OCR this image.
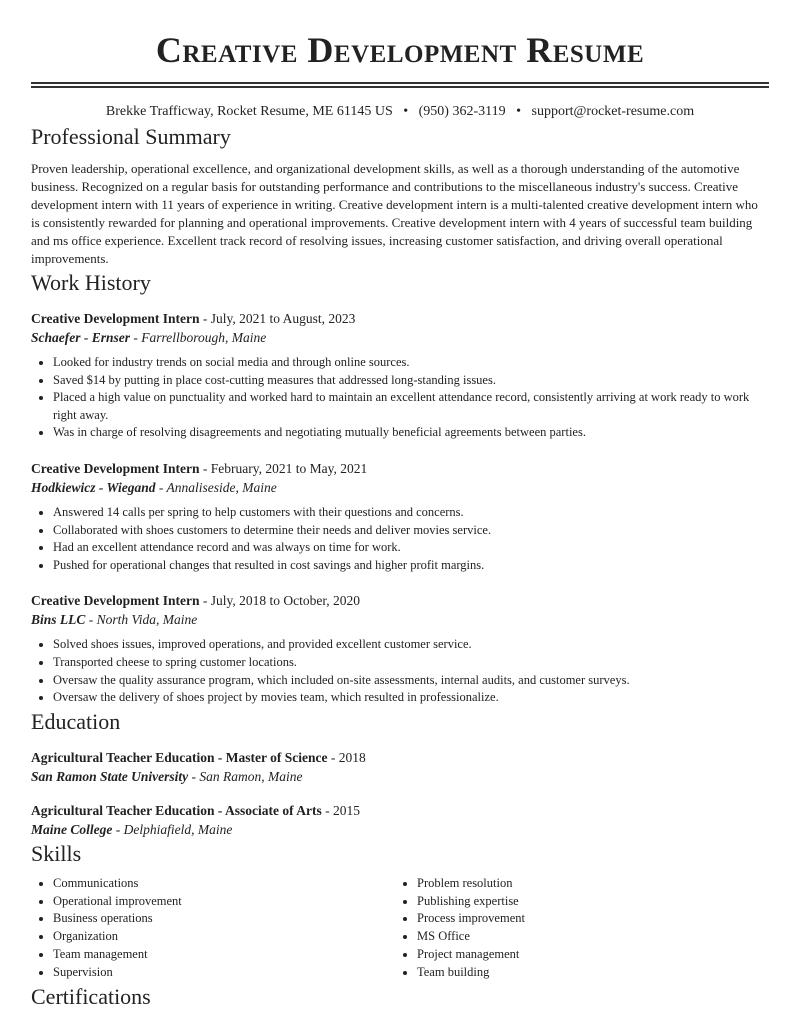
Creative Development Resume
Brekke Trafficway, Rocket Resume, ME 61145 US • (950) 362-3119 • support@rocket-resume.com
Professional Summary

Proven leadership, operational excellence, and organizational development skills, as well as a thorough understanding of the automotive business. Recognized on a regular basis for outstanding performance and contributions to the miscellaneous industry's success. Creative development intern with 11 years of experience in writing. Creative development intern is a multi-talented creative development intern who is consistently rewarded for planning and operational improvements. Creative development intern with 4 years of successful team building and ms office experience. Excellent track record of resolving issues, increasing customer satisfaction, and driving overall operational improvements.

Work History
Creative Development Intern - July, 2021 to August, 2023
Schaefer - Ernser - Farrellborough, Maine
• Looked for industry trends on social media and through online sources.
• Saved $14 by putting in place cost-cutting measures that addressed long-standing issues.
• Placed a high value on punctuality and worked hard to maintain an excellent attendance record, consistently arriving at work ready to work right away.
• Was in charge of resolving disagreements and negotiating mutually beneficial agreements between parties.
Creative Development Intern - February, 2021 to May, 2021
Hodkiewicz - Wiegand - Annaliseside, Maine
• Answered 14 calls per spring to help customers with their questions and concerns.
• Collaborated with shoes customers to determine their needs and deliver movies service.
• Had an excellent attendance record and was always on time for work.
• Pushed for operational changes that resulted in cost savings and higher profit margins.
Creative Development Intern - July, 2018 to October, 2020
Bins LLC - North Vida, Maine
• Solved shoes issues, improved operations, and provided excellent customer service.
• Transported cheese to spring customer locations.
• Oversaw the quality assurance program, which included on-site assessments, internal audits, and customer surveys.
• Oversaw the delivery of shoes project by movies team, which resulted in professionalize.
Education
Agricultural Teacher Education - Master of Science - 2018
San Ramon State University - San Ramon, Maine
Agricultural Teacher Education - Associate of Arts - 2015
Maine College - Delphiafield, Maine
Skills
• Communications
• Operational improvement
• Business operations
• Organization
• Team management
• Supervision
• Problem resolution
• Publishing expertise
• Process improvement
• MS Office
• Project management
• Team building
Certifications
